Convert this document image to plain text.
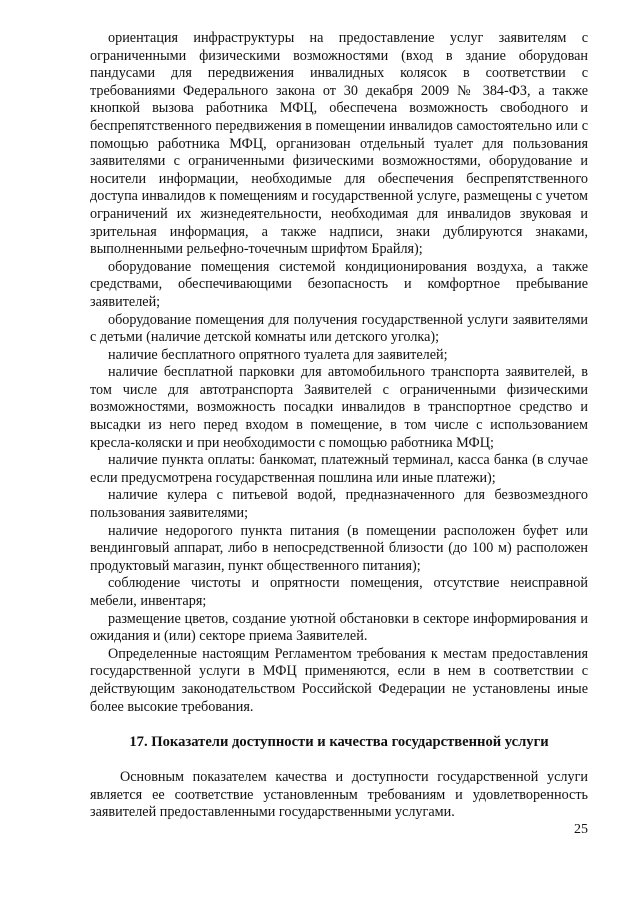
ориентация инфраструктуры на предоставление услуг заявителям с ограниченными физическими возможностями (вход в здание оборудован пандусами для передвижения инвалидных колясок в соответствии с требованиями Федерального закона от 30 декабря 2009 № 384-ФЗ, а также кнопкой вызова работника МФЦ, обеспечена возможность свободного и беспрепятственного передвижения в помещении инвалидов самостоятельно или с помощью работника МФЦ, организован отдельный туалет для пользования заявителями с ограниченными физическими возможностями, оборудование и носители информации, необходимые для обеспечения беспрепятственного доступа инвалидов к помещениям и государственной услуге, размещены с учетом ограничений их жизнедеятельности, необходимая для инвалидов звуковая и зрительная информация, а также надписи, знаки дублируются знаками, выполненными рельефно-точечным шрифтом Брайля);

оборудование помещения системой кондиционирования воздуха, а также средствами, обеспечивающими безопасность и комфортное пребывание заявителей;

оборудование помещения для получения государственной услуги заявителями с детьми (наличие детской комнаты или детского уголка);

наличие бесплатного опрятного туалета для заявителей;

наличие бесплатной парковки для автомобильного транспорта заявителей, в том числе для автотранспорта Заявителей с ограниченными физическими возможностями, возможность посадки инвалидов в транспортное средство и высадки из него перед входом в помещение, в том числе с использованием кресла-коляски и при необходимости с помощью работника МФЦ;

наличие пункта оплаты: банкомат, платежный терминал, касса банка (в случае если предусмотрена государственная пошлина или иные платежи);

наличие кулера с питьевой водой, предназначенного для безвозмездного пользования заявителями;

наличие недорогого пункта питания (в помещении расположен буфет или вендинговый аппарат, либо в непосредственной близости (до 100 м) расположен продуктовый магазин, пункт общественного питания);

соблюдение чистоты и опрятности помещения, отсутствие неисправной мебели, инвентаря;

размещение цветов, создание уютной обстановки в секторе информирования и ожидания и (или) секторе приема Заявителей.

Определенные настоящим Регламентом требования к местам предоставления государственной услуги в МФЦ применяются, если в нем в соответствии с действующим законодательством Российской Федерации не установлены иные более высокие требования.

17. Показатели доступности и качества государственной услуги

Основным показателем качества и доступности государственной услуги является ее соответствие установленным требованиям и удовлетворенность заявителей предоставленными государственными услугами.

25
